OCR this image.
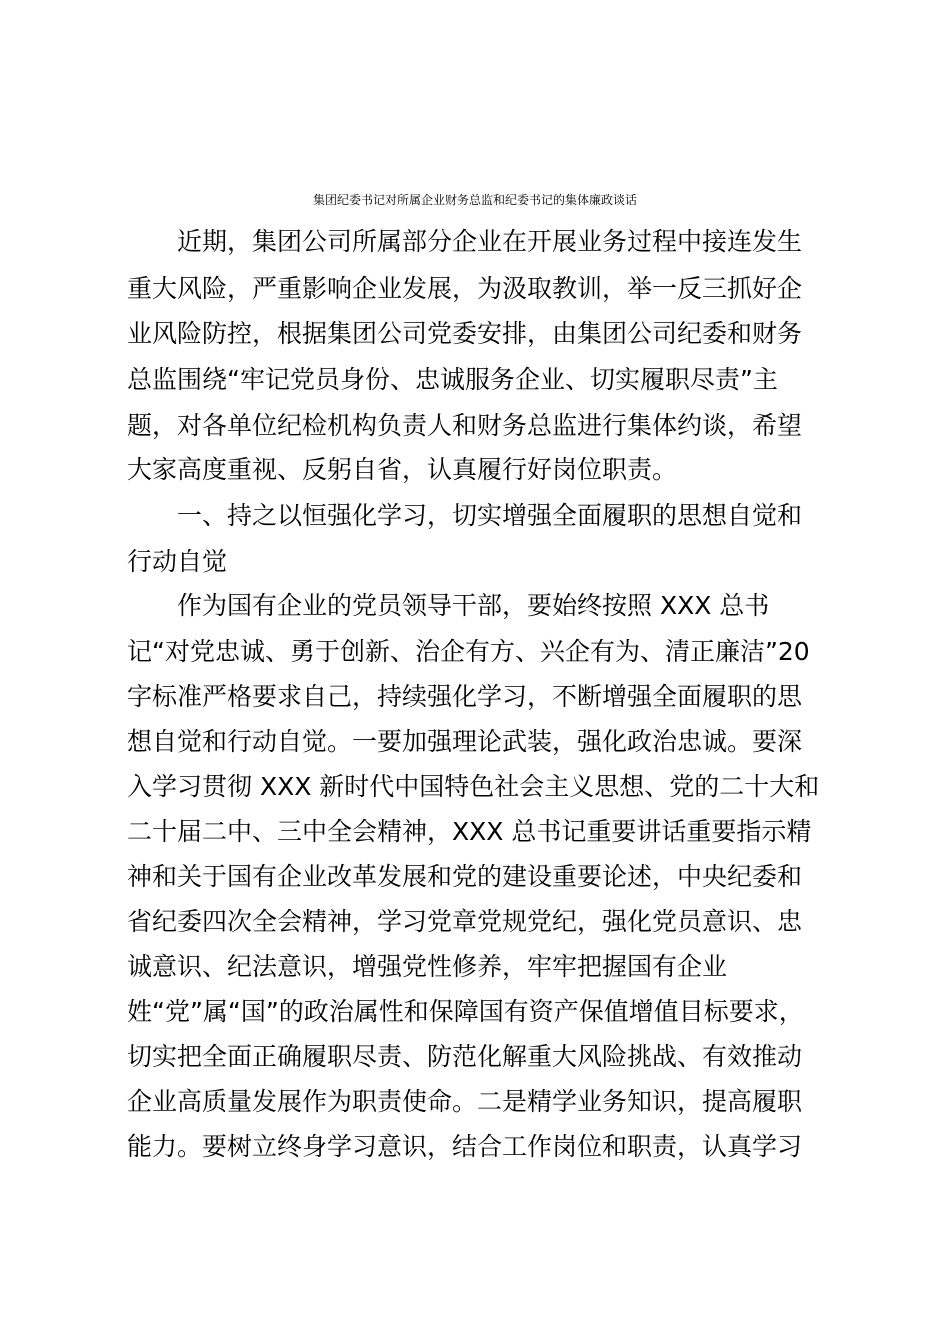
集团纪委书记对所属企业财务总监和纪委书记的集体廉政谈话

近期，集团公司所属部分企业在开展业务过程中接连发生

重大风险，严重影响企业发展，为汲取教训，举一反三抓好企

业风险防控，根据集团公司党委安排，由集团公司纪委和财务

总监围绕“牢记党员身份、忠诚服务企业、切实履职尽责”主

题，对各单位纪检机构负责人和财务总监进行集体约谈，希望

大家高度重视、反躬自省，认真履行好岗位职责。

一、持之以恒强化学习，切实增强全面履职的思想自觉和

行动自觉

作为国有企业的党员领导干部，要始终按照 XXX 总书

记“对党忠诚、勇于创新、治企有方、兴企有为、清正廉洁”20

字标准严格要求自己，持续强化学习，不断增强全面履职的思

想自觉和行动自觉。一要加强理论武装，强化政治忠诚。要深

入学习贯彻 XXX 新时代中国特色社会主义思想、党的二十大和

二十届二中、三中全会精神，XXX 总书记重要讲话重要指示精

神和关于国有企业改革发展和党的建设重要论述，中央纪委和

省纪委四次全会精神，学习党章党规党纪，强化党员意识、忠

诚意识、纪法意识，增强党性修养，牢牢把握国有企业

姓“党”属“国”的政治属性和保障国有资产保值增值目标要求，

切实把全面正确履职尽责、防范化解重大风险挑战、有效推动

企业高质量发展作为职责使命。二是精学业务知识，提高履职

能力。要树立终身学习意识，结合工作岗位和职责，认真学习
